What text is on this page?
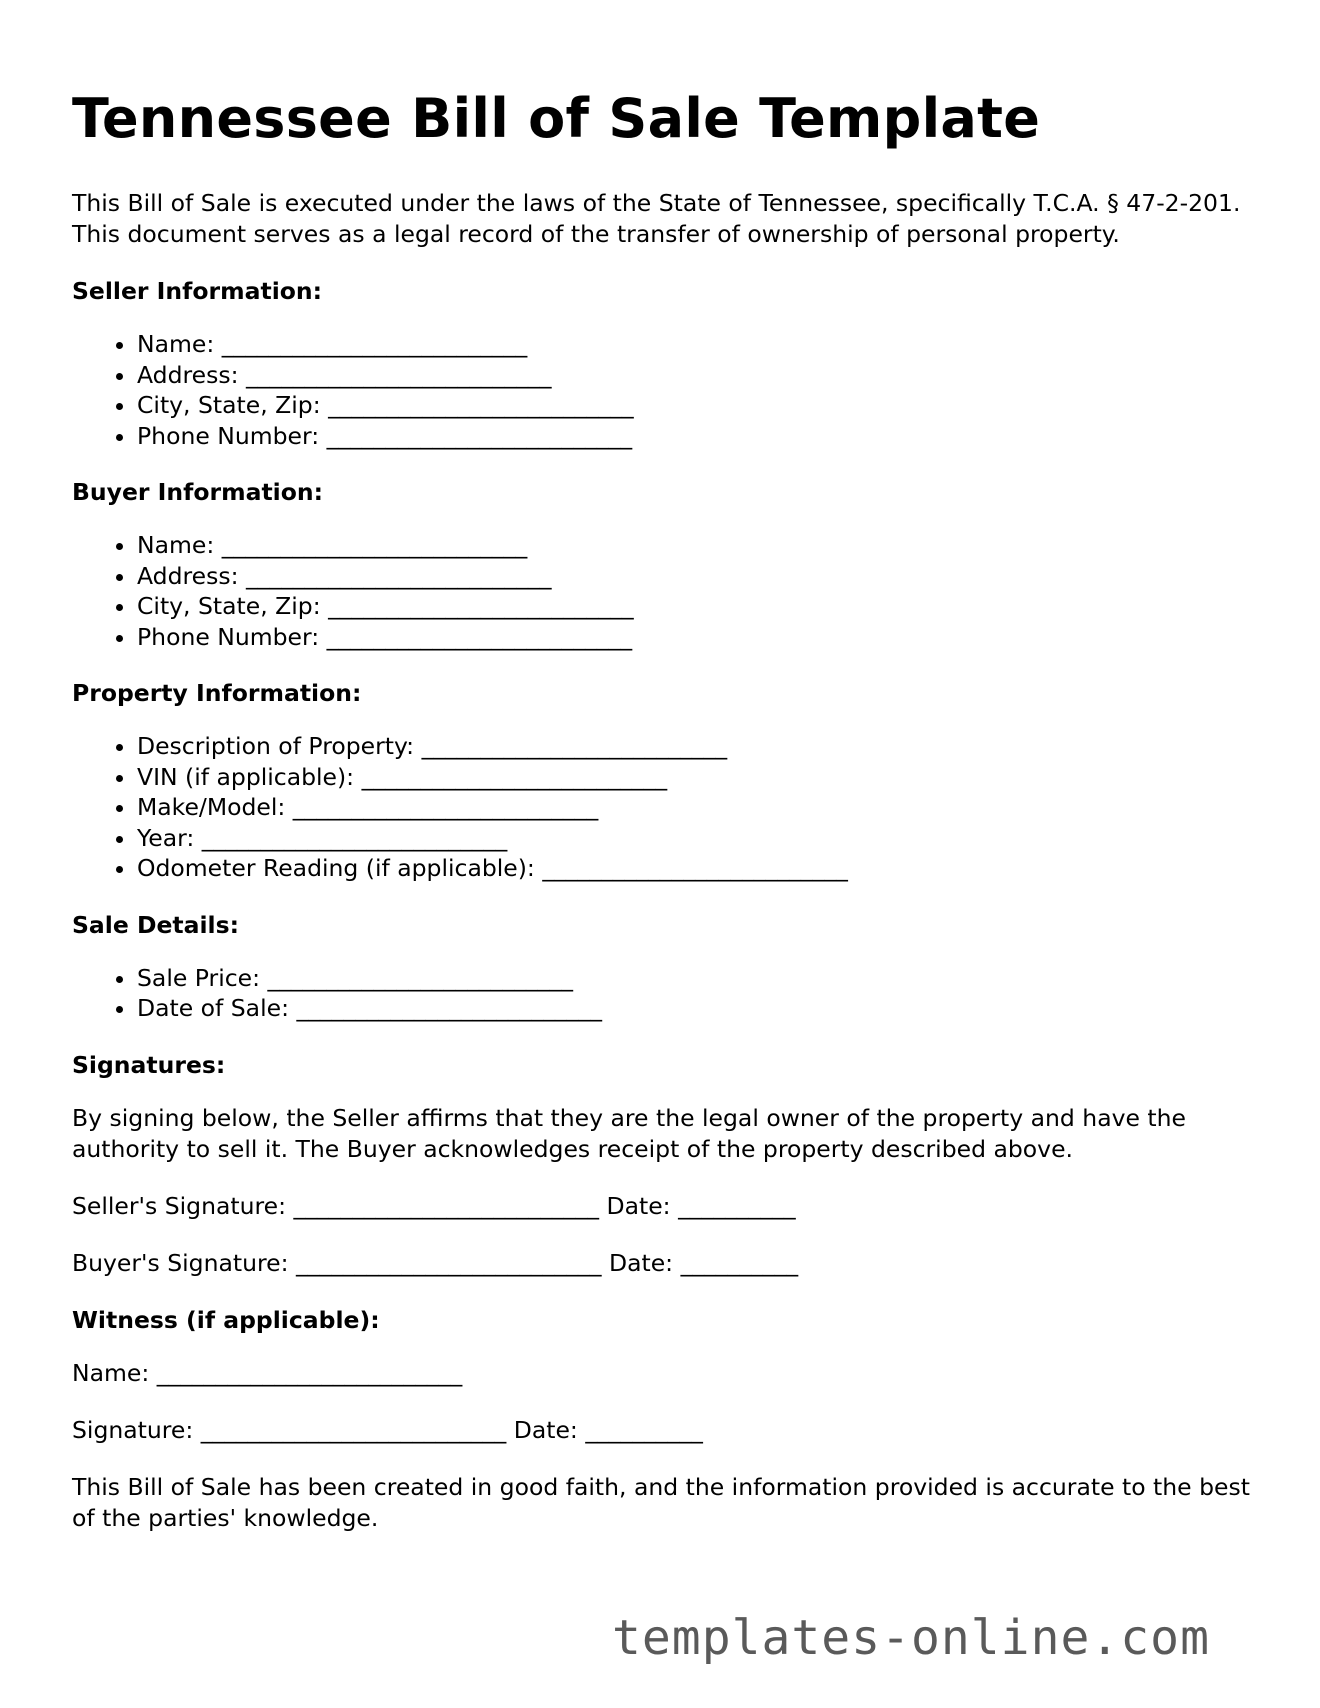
Tennessee Bill of Sale Template

This Bill of Sale is executed under the laws of the State of Tennessee, specifically T.C.A. § 47-2-201. This document serves as a legal record of the transfer of ownership of personal property.

Seller Information:
• Name: __________________________
• Address: __________________________
• City, State, Zip: __________________________
• Phone Number: __________________________
Buyer Information:
• Name: __________________________
• Address: __________________________
• City, State, Zip: __________________________
• Phone Number: __________________________
Property Information:
• Description of Property: __________________________
• VIN (if applicable): __________________________
• Make/Model: __________________________
• Year: __________________________
• Odometer Reading (if applicable): __________________________
Sale Details:
• Sale Price: __________________________
• Date of Sale: __________________________
Signatures:

By signing below, the Seller affirms that they are the legal owner of the property and have the authority to sell it. The Buyer acknowledges receipt of the property described above.

Seller's Signature: __________________________ Date: __________

Buyer's Signature: __________________________ Date: __________

Witness (if applicable):

Name: __________________________

Signature: __________________________ Date: __________

This Bill of Sale has been created in good faith, and the information provided is accurate to the best of the parties' knowledge.

templates-online.com
